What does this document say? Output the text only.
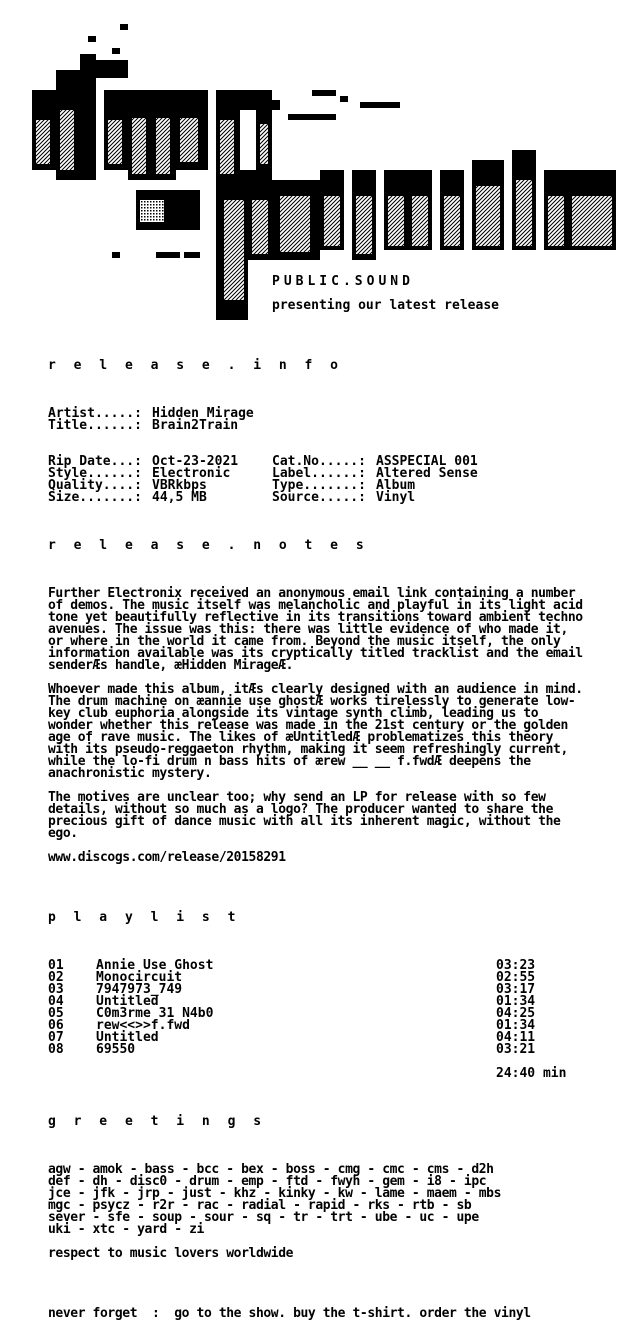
PUBLIC.SOUND
presenting our latest release
r e l e a s e . i n f o
Artist.....: Hidden Mirage
Title......: Brain2Train
Rip Date...: Oct-23-2021	Cat.No.....: ASSPECIAL 001
Style......: Electronic	Label......: Altered Sense
Quality....: VBRkbps	Type.......: Album
Size.......: 44,5 MB	Source.....: Vinyl
r e l e a s e . n o t e s

Further Electronix received an anonymous email link containing a number of demos. The music itself was melancholic and playful in its light acid tone yet beautifully reflective in its transitions toward ambient techno avenues. The issue was this: there was little evidence of who made it, or where in the world it came from. Beyond the music itself, the only information available was its cryptically titled tracklist and the email senderÆs handle, æHidden MirageÆ.

Whoever made this album, itÆs clearly designed with an audience in mind. The drum machine on æannie use ghostÆ works tirelessly to generate low-key club euphoria alongside its vintage synth climb, leading us to wonder whether this release was made in the 21st century or the golden age of rave music. The likes of æUntitledÆ problematizes this theory with its pseudo-reggaeton rhythm, making it seem refreshingly current, while the lo-fi drum n bass hits of ærew __ __ f.fwdÆ deepens the anachronistic mystery.

The motives are unclear too; why send an LP for release with so few details, without so much as a logo? The producer wanted to share the precious gift of dance music with all its inherent magic, without the ego.

www.discogs.com/release/20158291

p l a y l i s t
01 Annie Use Ghost	03:23
02 Monocircuit	02:55
03 7947973_749	03:17
04 Untitled	01:34
05 C0m3rme 31 N4b0	04:25
06 rew<<>>f.fwd	01:34
07 Untitled	04:11
08 69550	03:21
24:40 min
g r e e t i n g s
agw - amok - bass - bcc - bex - boss - cmg - cmc - cms - d2h
def - dh - disc0 - drum - emp - ftd - fwyh - gem - i8 - ipc
jce - jfk - jrp - just - khz - kinky - kw - lame - maem - mbs
mgc - psycz - r2r - rac - radial - rapid - rks - rtb - sb
sever - sfe - soup - sour - sq - tr - trt - ube - uc - upe
uki - xtc - yard - zi
respect to music lovers worldwide
never forget  :  go to the show. buy the t-shirt. order the vinyl
